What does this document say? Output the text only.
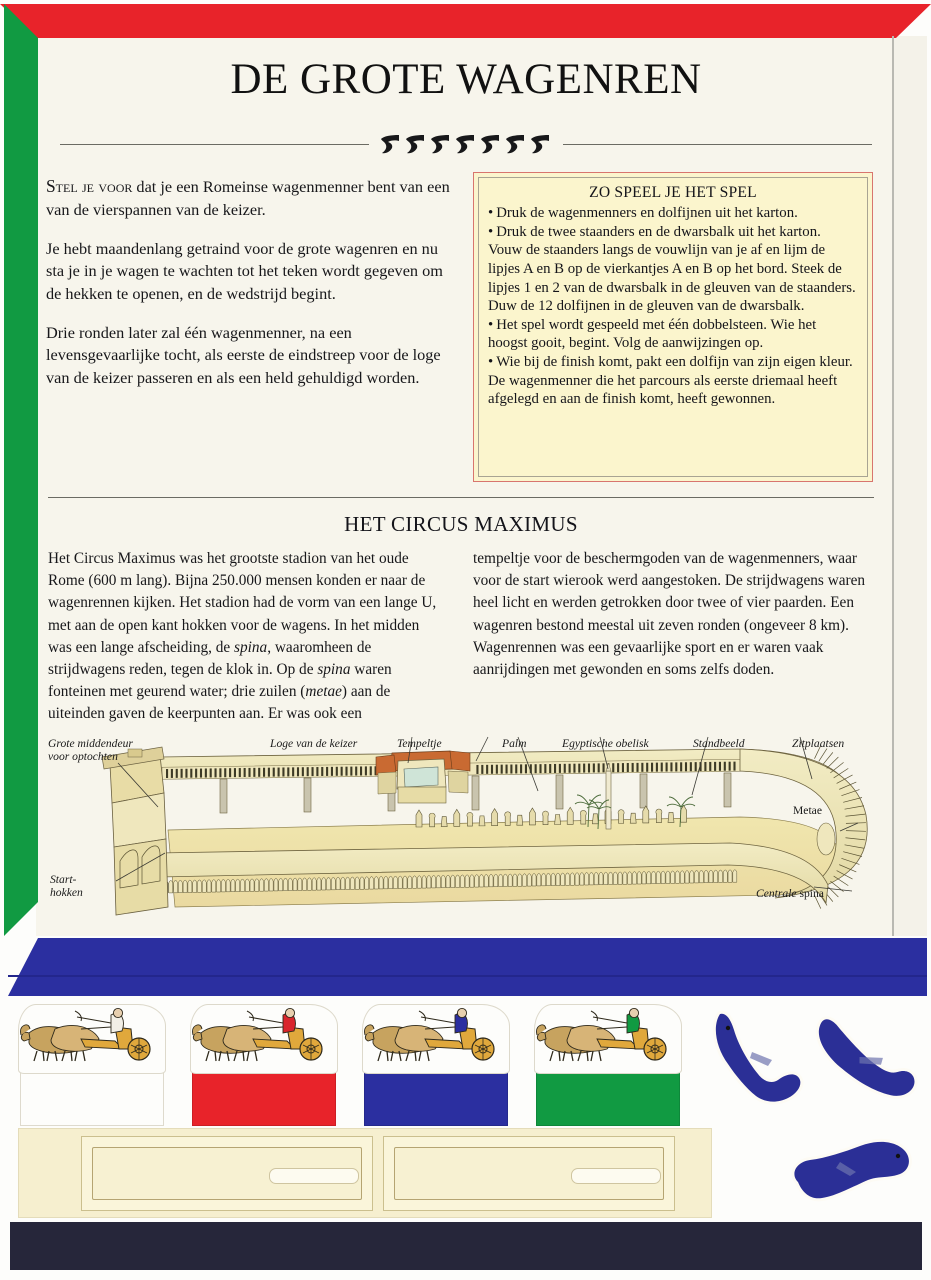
DE GROTE WAGENREN

Stel je voor dat je een Romeinse wagenmenner bent van een van de vierspannen van de keizer.

Je hebt maandenlang getraind voor de grote wagenren en nu sta je in je wagen te wachten tot het teken wordt gegeven om de hekken te openen, en de wedstrijd begint.

Drie ronden later zal één wagenmenner, na een levensgevaarlijke tocht, als eerste de eindstreep voor de loge van de keizer passeren en als een held gehuldigd worden.

ZO SPEEL JE HET SPEL

• Druk de wagenmenners en dolfijnen uit het karton.

• Druk de twee staanders en de dwarsbalk uit het karton. Vouw de staanders langs de vouwlijn van je af en lijm de lipjes A en B op de vierkantjes A en B op het bord. Steek de lipjes 1 en 2 van de dwarsbalk in de gleuven van de staanders. Duw de 12 dolfijnen in de gleuven van de dwarsbalk.

• Het spel wordt gespeeld met één dobbelsteen. Wie het hoogst gooit, begint. Volg de aanwijzingen op.

• Wie bij de finish komt, pakt een dolfijn van zijn eigen kleur. De wagenmenner die het parcours als eerste driemaal heeft afgelegd en aan de finish komt, heeft gewonnen.

HET CIRCUS MAXIMUS

Het Circus Maximus was het grootste stadion van het oude Rome (600 m lang). Bijna 250.000 mensen konden er naar de wagenrennen kijken. Het stadion had de vorm van een lange U, met aan de open kant hokken voor de wagens. In het midden was een lange afscheiding, de spina, waaromheen de strijdwagens reden, tegen de klok in. Op de spina waren fonteinen met geurend water; drie zuilen (metae) aan de uiteinden gaven de keerpunten aan. Er was ook een

tempeltje voor de beschermgoden van de wagenmenners, waar voor de start wierook werd aangestoken. De strijdwagens waren heel licht en werden getrokken door twee of vier paarden. Een wagenren bestond meestal uit zeven ronden (ongeveer 8 km). Wagenrennen was een gevaarlijke sport en er waren vaak aanrijdingen met gewonden en soms zelfs doden.

Grote middendeur
voor optochten
Loge van de keizer	Tempeltje	Palm	Egyptische obelisk	Standbeeld	Zitplaatsen
Metae
Start-
hokken	Centrale spina
